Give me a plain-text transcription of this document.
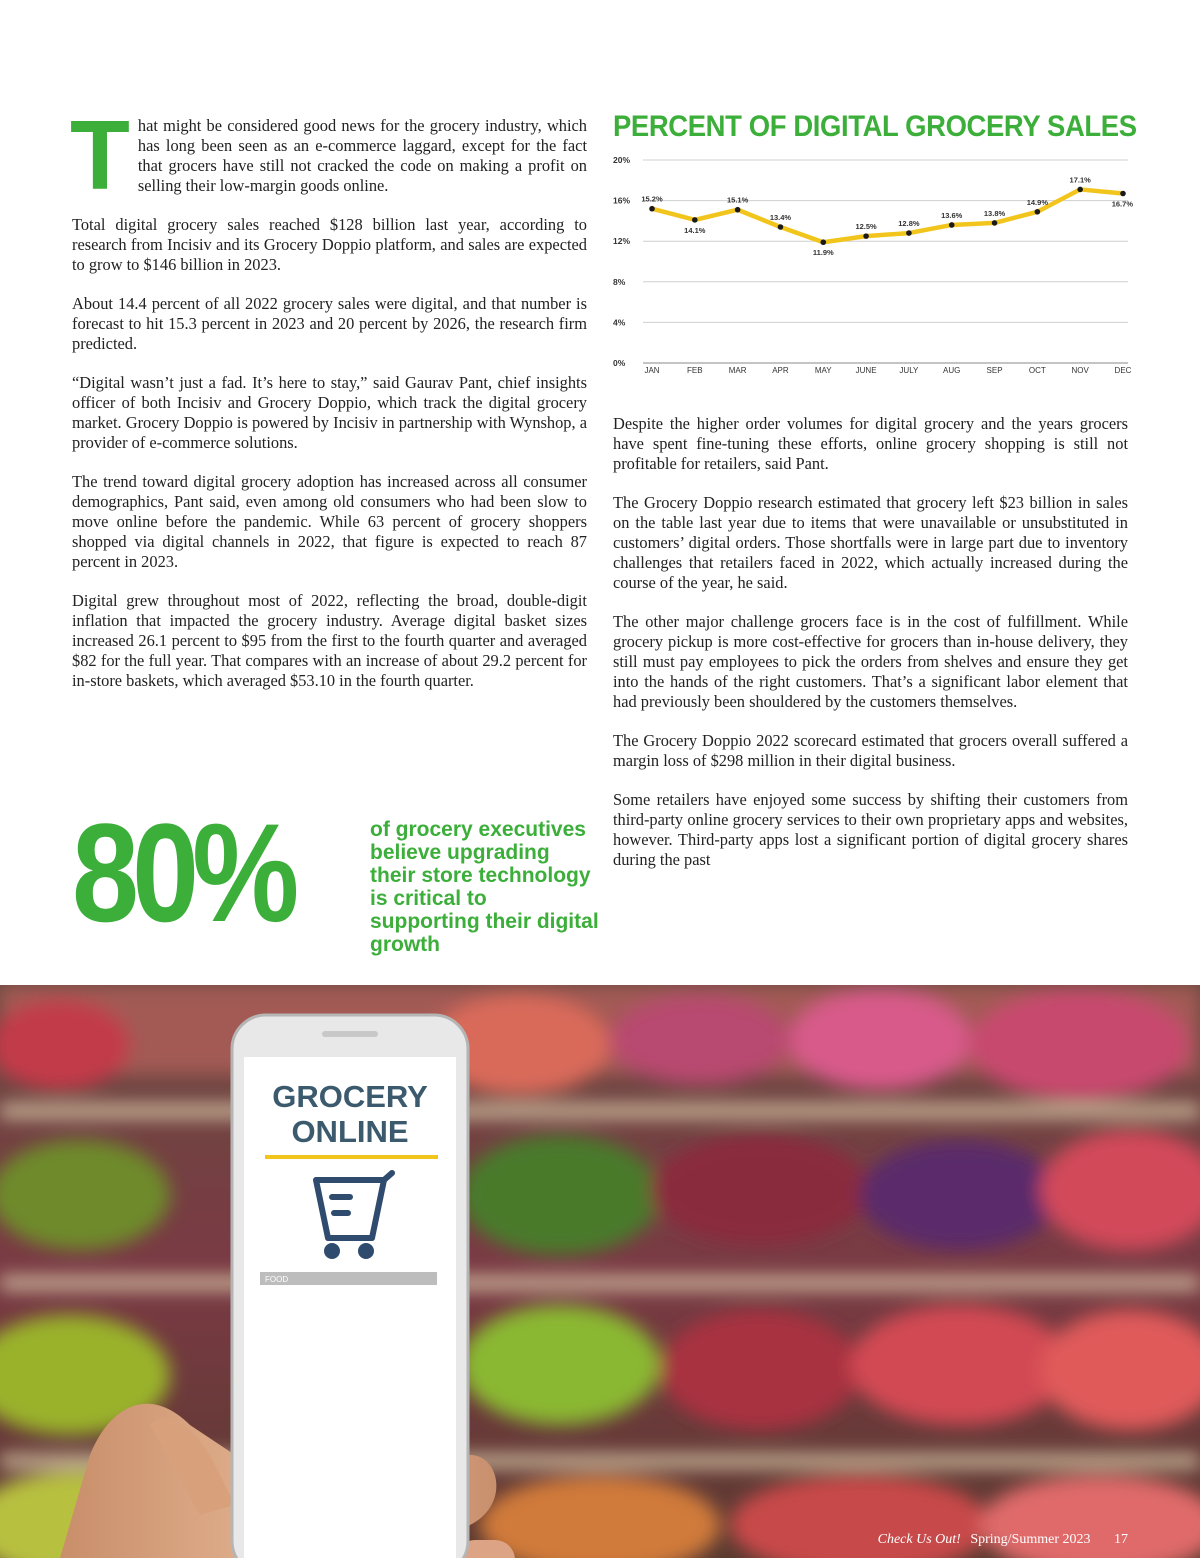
That might be considered good news for the grocery industry, which has long been seen as an e-commerce laggard, except for the fact that grocers have still not cracked the code on making a profit on selling their low-margin goods online.

Total digital grocery sales reached $128 billion last year, according to research from Incisiv and its Grocery Doppio platform, and sales are expected to grow to $146 billion in 2023.

About 14.4 percent of all 2022 grocery sales were digital, and that number is forecast to hit 15.3 percent in 2023 and 20 percent by 2026, the research firm predicted.

“Digital wasn’t just a fad. It’s here to stay,” said Gaurav Pant, chief insights officer of both Incisiv and Grocery Doppio, which track the digital grocery market. Grocery Doppio is powered by Incisiv in partnership with Wynshop, a provider of e-commerce solutions.

The trend toward digital grocery adoption has increased across all consumer demographics, Pant said, even among old consumers who had been slow to move online before the pandemic. While 63 percent of grocery shoppers shopped via digital channels in 2022, that figure is expected to reach 87 percent in 2023.

Digital grew throughout most of 2022, reflecting the broad, double-digit inflation that impacted the grocery industry. Average digital basket sizes increased 26.1 percent to $95 from the first to the fourth quarter and averaged $82 for the full year. That compares with an increase of about 29.2 percent for in-store baskets, which averaged $53.10 in the fourth quarter.

80%	of grocery executives believe upgrading their store technology is critical to supporting their digital growth
PERCENT OF DIGITAL GROCERY SALES
0%
4%
8%
12%
16%
20%
JAN	FEB	MAR	APR	MAY	JUNE	JULY	AUG	SEP	OCT	NOV	DEC
15.2%
14.1%
15.1%
13.4%
11.9%
12.5%	12.8%
13.6%	13.8%
14.9%
17.1%
16.7%

Despite the higher order volumes for digital grocery and the years grocers have spent fine-tuning these efforts, online grocery shopping is still not profitable for retailers, said Pant.

The Grocery Doppio research estimated that grocery left $23 billion in sales on the table last year due to items that were unavailable or unsubstituted in customers’ digital orders. Those shortfalls were in large part due to inventory challenges that retailers faced in 2022, which actually increased during the course of the year, he said.

The other major challenge grocers face is in the cost of fulfillment. While grocery pickup is more cost-effective for grocers than in-house delivery, they still must pay employees to pick the orders from shelves and ensure they get into the hands of the right customers. That’s a significant labor element that had previously been shouldered by the customers themselves.

The Grocery Doppio 2022 scorecard estimated that grocers overall suffered a margin loss of $298 million in their digital business.

Some retailers have enjoyed some success by shifting their customers from third-party online grocery services to their own proprietary apps and websites, however. Third-party apps lost a significant portion of digital grocery shares during the past

GROCERY
ONLINE
FOOD
Check Us Out! Spring/Summer 2023 17
